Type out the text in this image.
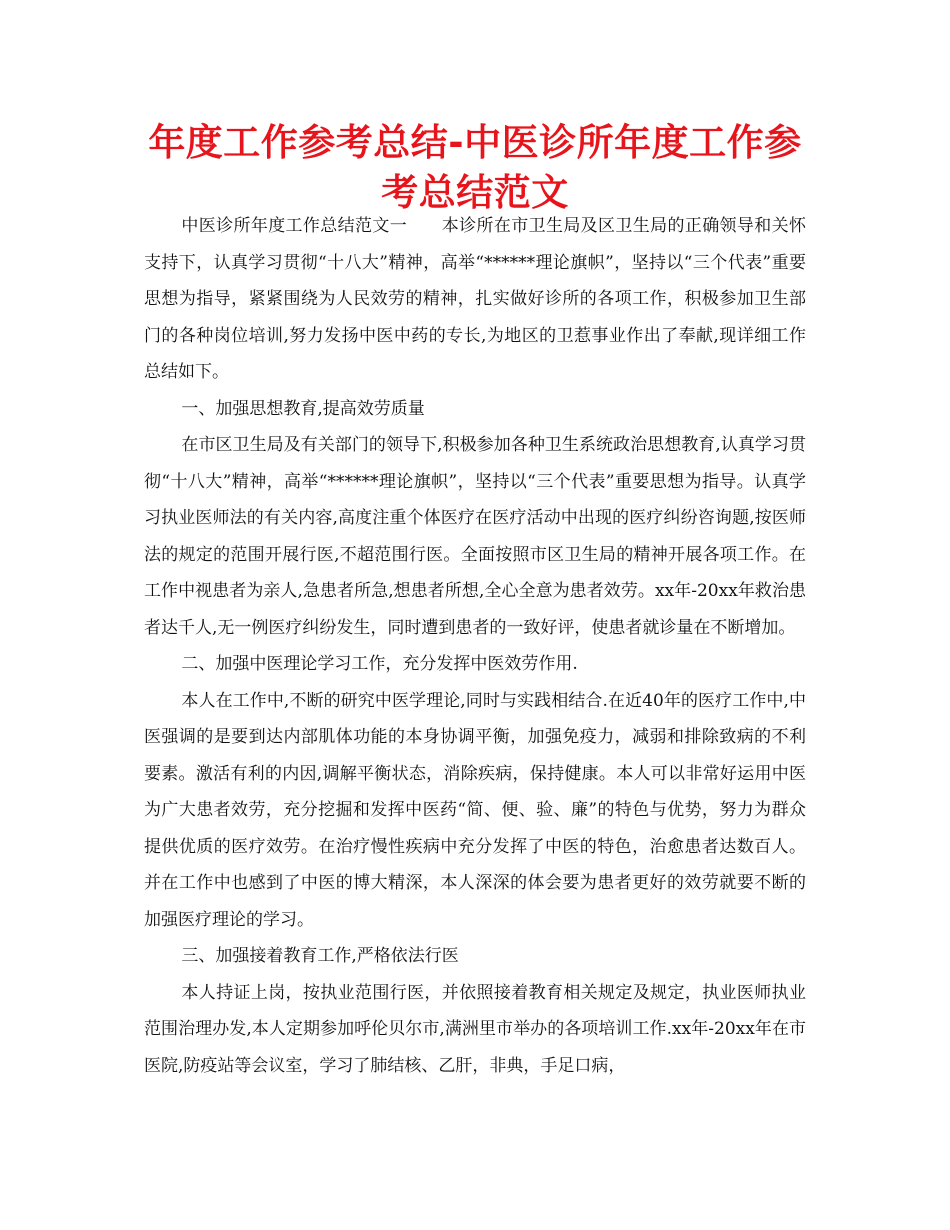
年度工作参考总结-中医诊所年度工作参考总结范文

中医诊所年度工作总结范文一　　本诊所在市卫生局及区卫生局的正确领导和关怀支持下，认真学习贯彻“十八大”精神，高举“******理论旗帜”，坚持以“三个代表”重要思想为指导，紧紧围绕为人民效劳的精神，扎实做好诊所的各项工作，积极参加卫生部门的各种岗位培训,努力发扬中医中药的专长,为地区的卫惹事业作出了奉献,现详细工作总结如下。

一、加强思想教育,提高效劳质量

在市区卫生局及有关部门的领导下,积极参加各种卫生系统政治思想教育,认真学习贯彻“十八大”精神，高举“******理论旗帜”，坚持以“三个代表”重要思想为指导。认真学习执业医师法的有关内容,高度注重个体医疗在医疗活动中出现的医疗纠纷咨询题,按医师法的规定的范围开展行医,不超范围行医。全面按照市区卫生局的精神开展各项工作。在工作中视患者为亲人,急患者所急,想患者所想,全心全意为患者效劳。xx年-20xx年救治患者达千人,无一例医疗纠纷发生，同时遭到患者的一致好评，使患者就诊量在不断增加。

二、加强中医理论学习工作，充分发挥中医效劳作用.

本人在工作中,不断的研究中医学理论,同时与实践相结合.在近40年的医疗工作中,中医强调的是要到达内部肌体功能的本身协调平衡，加强免疫力，减弱和排除致病的不利要素。激活有利的内因,调解平衡状态，消除疾病，保持健康。本人可以非常好运用中医为广大患者效劳，充分挖掘和发挥中医药“简、便、验、廉”的特色与优势，努力为群众提供优质的医疗效劳。在治疗慢性疾病中充分发挥了中医的特色，治愈患者达数百人。并在工作中也感到了中医的博大精深，本人深深的体会要为患者更好的效劳就要不断的加强医疗理论的学习。

三、加强接着教育工作,严格依法行医

本人持证上岗，按执业范围行医，并依照接着教育相关规定及规定，执业医师执业范围治理办发,本人定期参加呼伦贝尔市,满洲里市举办的各项培训工作.xx年-20xx年在市医院,防疫站等会议室，学习了肺结核、乙肝，非典，手足口病，
